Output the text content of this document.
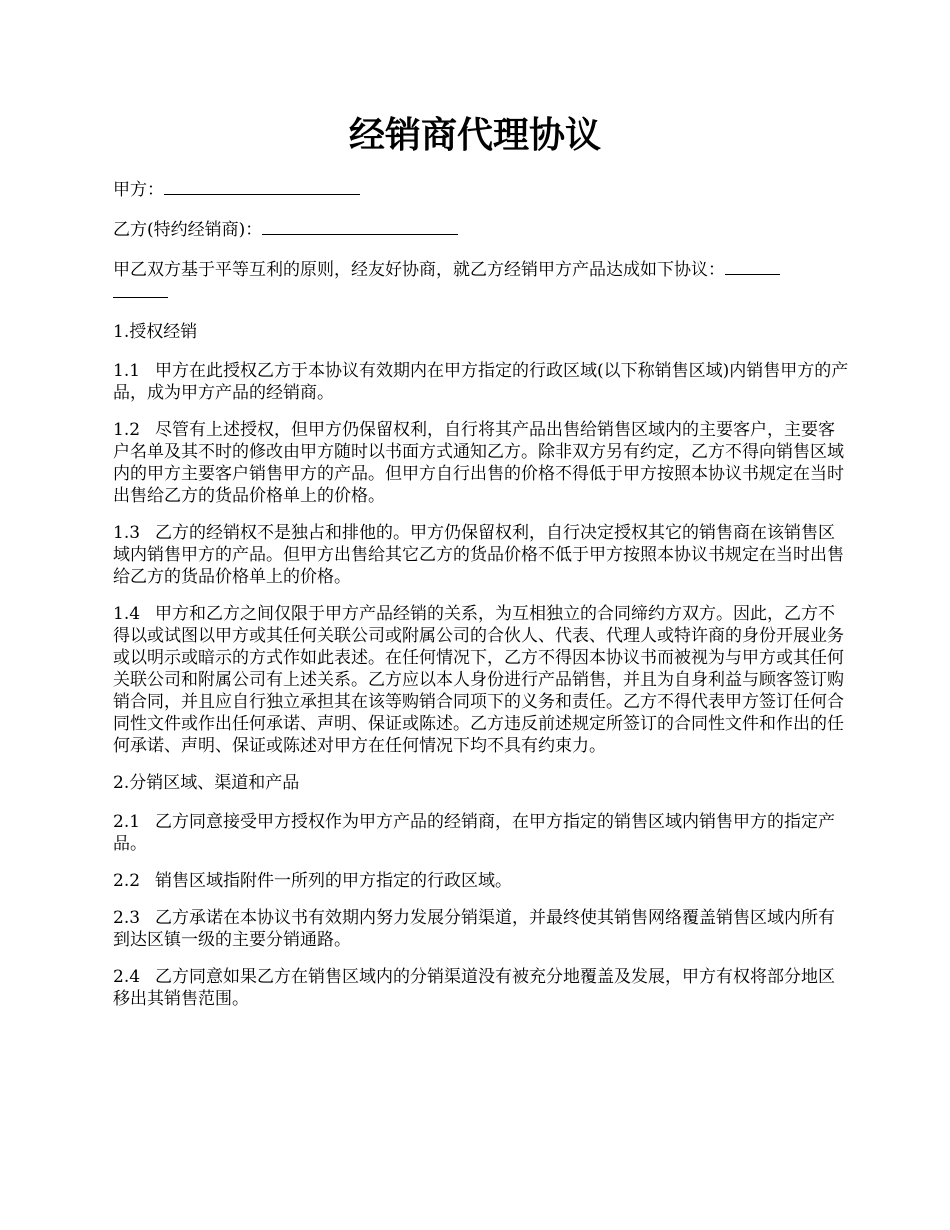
经销商代理协议

甲方：

乙方(特约经销商)：

甲乙双方基于平等互利的原则，经友好协商，就乙方经销甲方产品达成如下协议：

1.授权经销

1.1 甲方在此授权乙方于本协议有效期内在甲方指定的行政区域(以下称销售区域)内销售甲方的产品，成为甲方产品的经销商。

1.2 尽管有上述授权，但甲方仍保留权利，自行将其产品出售给销售区域内的主要客户，主要客户名单及其不时的修改由甲方随时以书面方式通知乙方。除非双方另有约定，乙方不得向销售区域内的甲方主要客户销售甲方的产品。但甲方自行出售的价格不得低于甲方按照本协议书规定在当时出售给乙方的货品价格单上的价格。

1.3 乙方的经销权不是独占和排他的。甲方仍保留权利，自行决定授权其它的销售商在该销售区域内销售甲方的产品。但甲方出售给其它乙方的货品价格不低于甲方按照本协议书规定在当时出售给乙方的货品价格单上的价格。

1.4 甲方和乙方之间仅限于甲方产品经销的关系，为互相独立的合同缔约方双方。因此，乙方不得以或试图以甲方或其任何关联公司或附属公司的合伙人、代表、代理人或特许商的身份开展业务或以明示或暗示的方式作如此表述。在任何情况下，乙方不得因本协议书而被视为与甲方或其任何关联公司和附属公司有上述关系。乙方应以本人身份进行产品销售，并且为自身利益与顾客签订购销合同，并且应自行独立承担其在该等购销合同项下的义务和责任。乙方不得代表甲方签订任何合同性文件或作出任何承诺、声明、保证或陈述。乙方违反前述规定所签订的合同性文件和作出的任何承诺、声明、保证或陈述对甲方在任何情况下均不具有约束力。

2.分销区域、渠道和产品

2.1 乙方同意接受甲方授权作为甲方产品的经销商，在甲方指定的销售区域内销售甲方的指定产品。

2.2 销售区域指附件一所列的甲方指定的行政区域。

2.3 乙方承诺在本协议书有效期内努力发展分销渠道，并最终使其销售网络覆盖销售区域内所有到达区镇一级的主要分销通路。

2.4 乙方同意如果乙方在销售区域内的分销渠道没有被充分地覆盖及发展，甲方有权将部分地区移出其销售范围。
